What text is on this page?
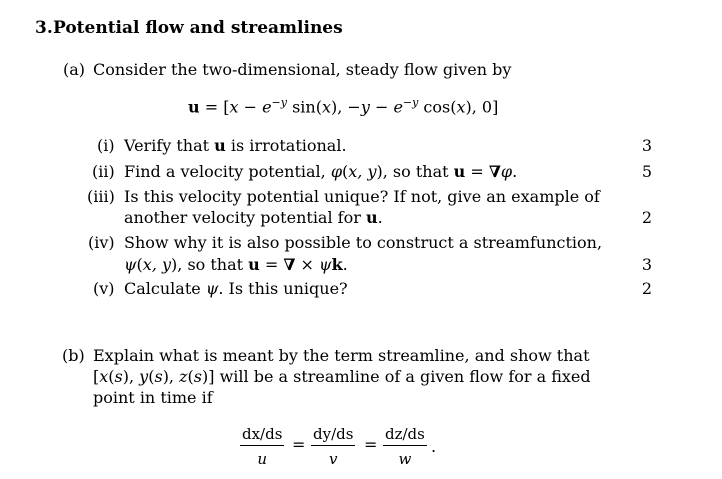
3. Potential flow and streamlines
(a) Consider the two-dimensional, steady flow given by
$u = [x - e^{-y}$ sin(x), $-y - e^{-y}$ cos(x), 0]
(i) Verify that u is irrotational.	3
(ii) Find a velocity potential, φ(x, y), so that u = ∇φ.	5
(iii) Is this velocity potential unique? If not, give an example of
another velocity potential for u.	2
(iv) Show why it is also possible to construct a streamfunction,
ψ(x, y), so that u = ∇ × ψk.	3
(v) Calculate ψ. Is this unique?	2
(b) Explain what is meant by the term streamline, and show that
[x(s), y(s), z(s)] will be a streamline of a given flow for a fixed
point in time if
dx/ds
u
=
dy/ds
v
=
dz/ds
w
.
